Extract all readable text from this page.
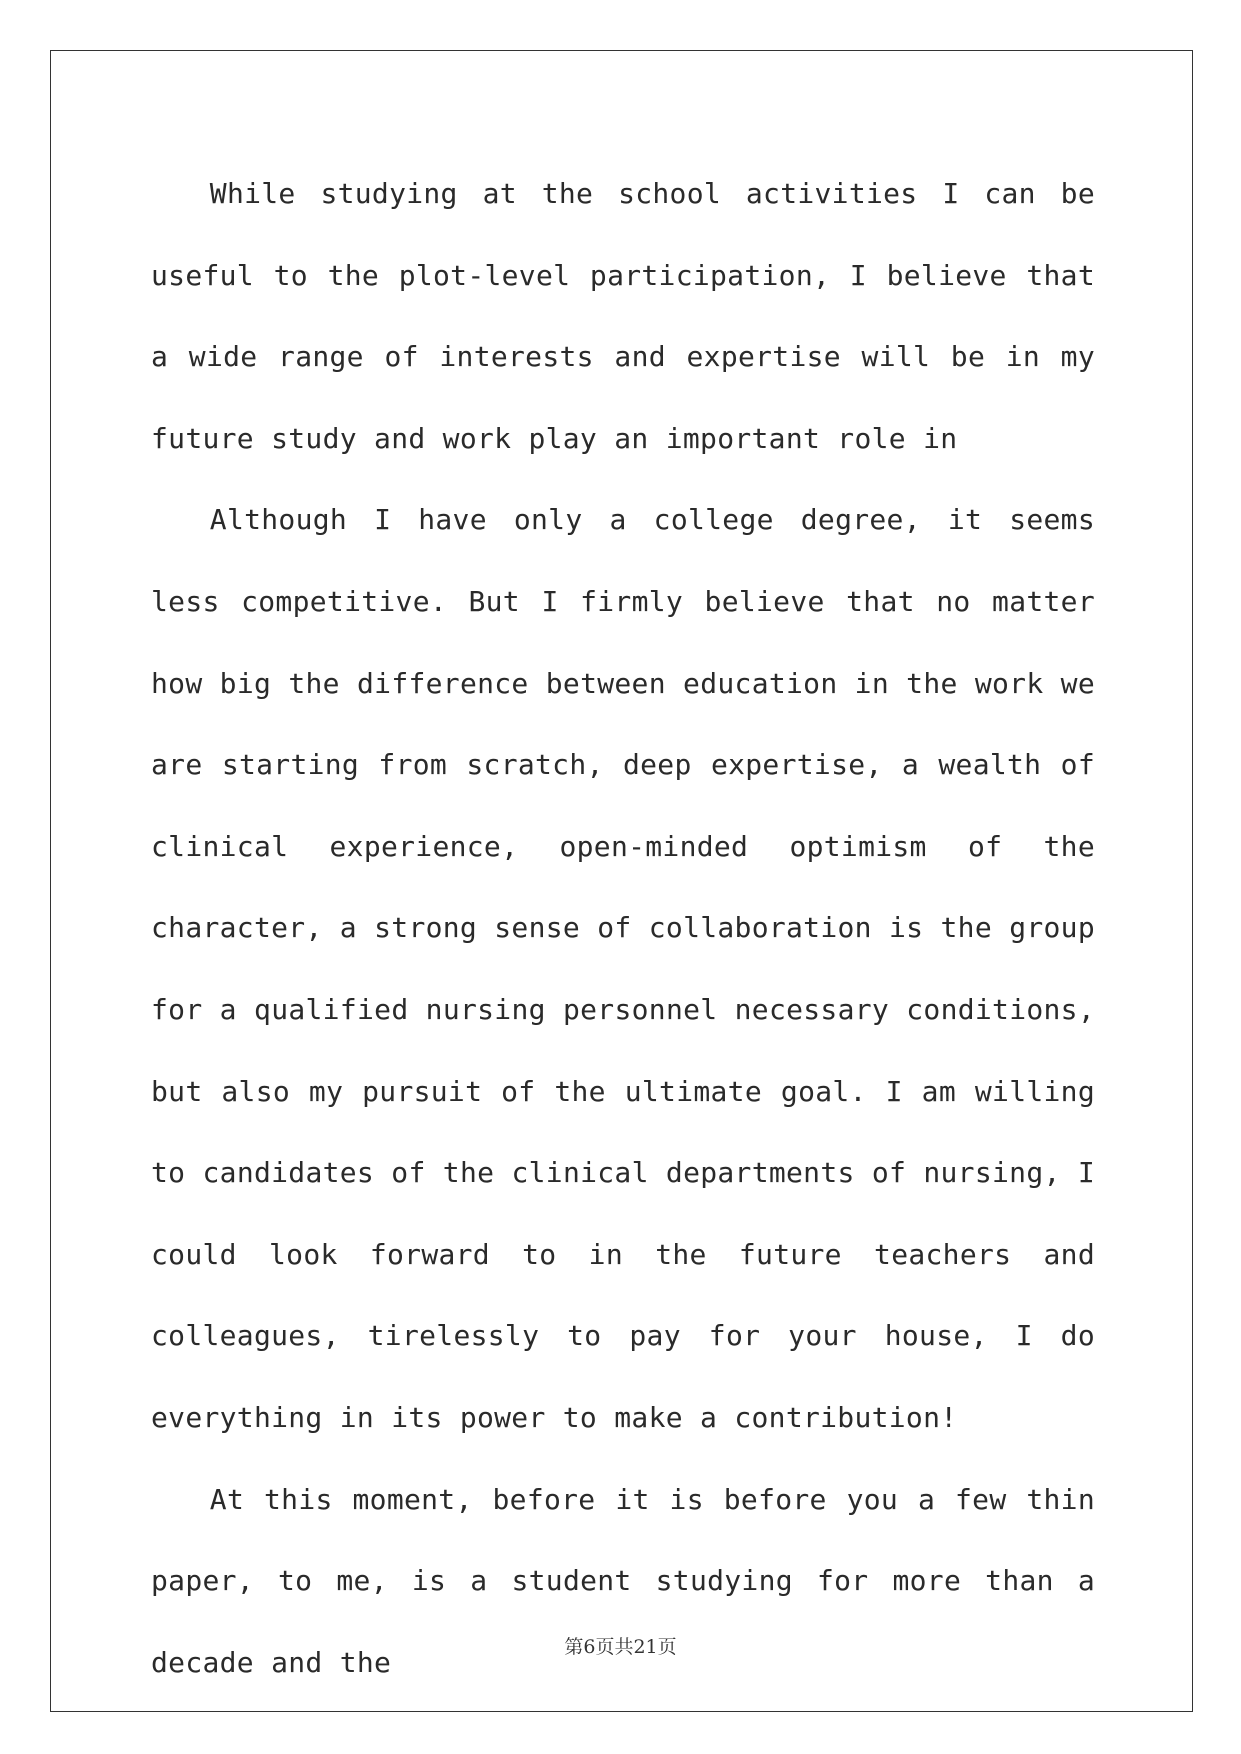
While studying at the school activities I can be useful to the plot-level participation, I believe that a wide range of interests and expertise will be in my future study and work play an important role in

Although I have only a college degree, it seems less competitive. But I firmly believe that no matter how big the difference between education in the work we are starting from scratch, deep expertise, a wealth of clinical experience, open-minded optimism of the character, a strong sense of collaboration is the group for a qualified nursing personnel necessary conditions, but also my pursuit of the ultimate goal. I am willing to candidates of the clinical departments of nursing, I could look forward to in the future teachers and colleagues, tirelessly to pay for your house, I do everything in its power to make a contribution!

At this moment, before it is before you a few thin paper, to me, is a student studying for more than a decade and the	第6页共21页
